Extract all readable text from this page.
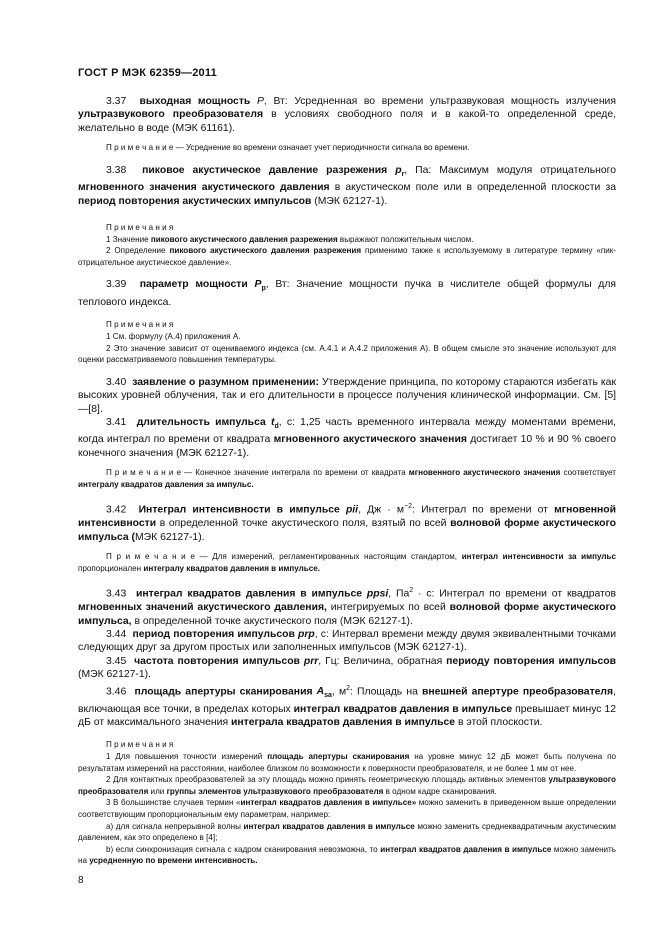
ГОСТ Р МЭК 62359—2011

3.37 выходная мощность P, Вт: Усредненная во времени ультразвуковая мощность излучения ультразвукового преобразователя в условиях свободного поля и в какой-то определенной среде, желательно в воде (МЭК 61161).

П р и м е ч а н и е — Усреднение во времени означает учет периодичности сигнала во времени.

3.38 пиковое акустическое давление разрежения $p_r$, Па: Максимум модуля отрицательного мгновенного значения акустического давления в акустическом поле или в определенной плоскости за период повторения акустических импульсов (МЭК 62127-1).

П р и м е ч а н и я

1 Значение пикового акустического давления разрежения выражают положительным числом.

2 Определение пикового акустического давления разрежения применимо также к используемому в литературе термину «пик-отрицательное акустическое давление».

3.39 параметр мощности $P_p$, Вт: Значение мощности пучка в числителе общей формулы для теплового индекса.

П р и м е ч а н и я

1 См. формулу (А.4) приложения А.

2 Это значение зависит от оцениваемого индекса (см. А.4.1 и А.4.2 приложения А). В общем смысле это значение используют для оценки рассматриваемого повышения температуры.

3.40 заявление о разумном применении: Утверждение принципа, по которому стараются избегать как высоких уровней облучения, так и его длительности в процессе получения клинической информации. См. [5]—[8].

3.41 длительность импульса $t_d$, с: 1,25 часть временного интервала между моментами времени, когда интеграл по времени от квадрата мгновенного акустического значения достигает 10 % и 90 % своего конечного значения (МЭК 62127-1).

П р и м е ч а н и е — Конечное значение интеграла по времени от квадрата мгновенного акустического значения соответствует интегралу квадратов давления за импульс.

3.42 Интеграл интенсивности в импульсе pii, Дж · $м^{-2}$: Интеграл по времени от мгновенной интенсивности в определенной точке акустического поля, взятый по всей волновой форме акустического импульса (МЭК 62127-1).

П р и м е ч а н и е — Для измерений, регламентированных настоящим стандартом, интеграл интенсивности за импульс пропорционален интегралу квадратов давления в импульсе.

3.43 интеграл квадратов давления в импульсе ppsi, $Па^2 \cdot с$: Интеграл по времени от квадратов мгновенных значений акустического давления, интегрируемых по всей волновой форме акустического импульса, в определенной точке акустического поля (МЭК 62127-1).

3.44 период повторения импульсов prp, с: Интервал времени между двумя эквивалентными точками следующих друг за другом простых или заполненных импульсов (МЭК 62127-1).

3.45 частота повторения импульсов prr, Гц: Величина, обратная периоду повторения импульсов (МЭК 62127-1).

3.46 площадь апертуры сканирования $A_{sa}$, $м^2$: Площадь на внешней апертуре преобразователя, включающая все точки, в пределах которых интеграл квадратов давления в импульсе превышает минус 12 дБ от максимального значения интеграла квадратов давления в импульсе в этой плоскости.

П р и м е ч а н и я

1 Для повышения точности измерений площадь апертуры сканирования на уровне минус 12 дБ может быть получена по результатам измерений на расстоянии, наиболее близком по возможности к поверхности преобразователя, и не более 1 мм от нее.

2 Для контактных преобразователей за эту площадь можно принять геометрическую площадь активных элементов ультразвукового преобразователя или группы элементов ультразвукового преобразователя в одном кадре сканирования.

3 В большинстве случаев термин «интеграл квадратов давления в импульсе» можно заменить в приведенном выше определении соответствующим пропорциональным ему параметрам, например:

а) для сигнала непрерывной волны интеграл квадратов давления в импульсе можно заменить среднеквадратичным акустическим давлением, как это определено в [4];

b) если синхронизация сигнала с кадром сканирования невозможна, то интеграл квадратов давления в импульсе можно заменить на усредненную по времени интенсивность.

8
